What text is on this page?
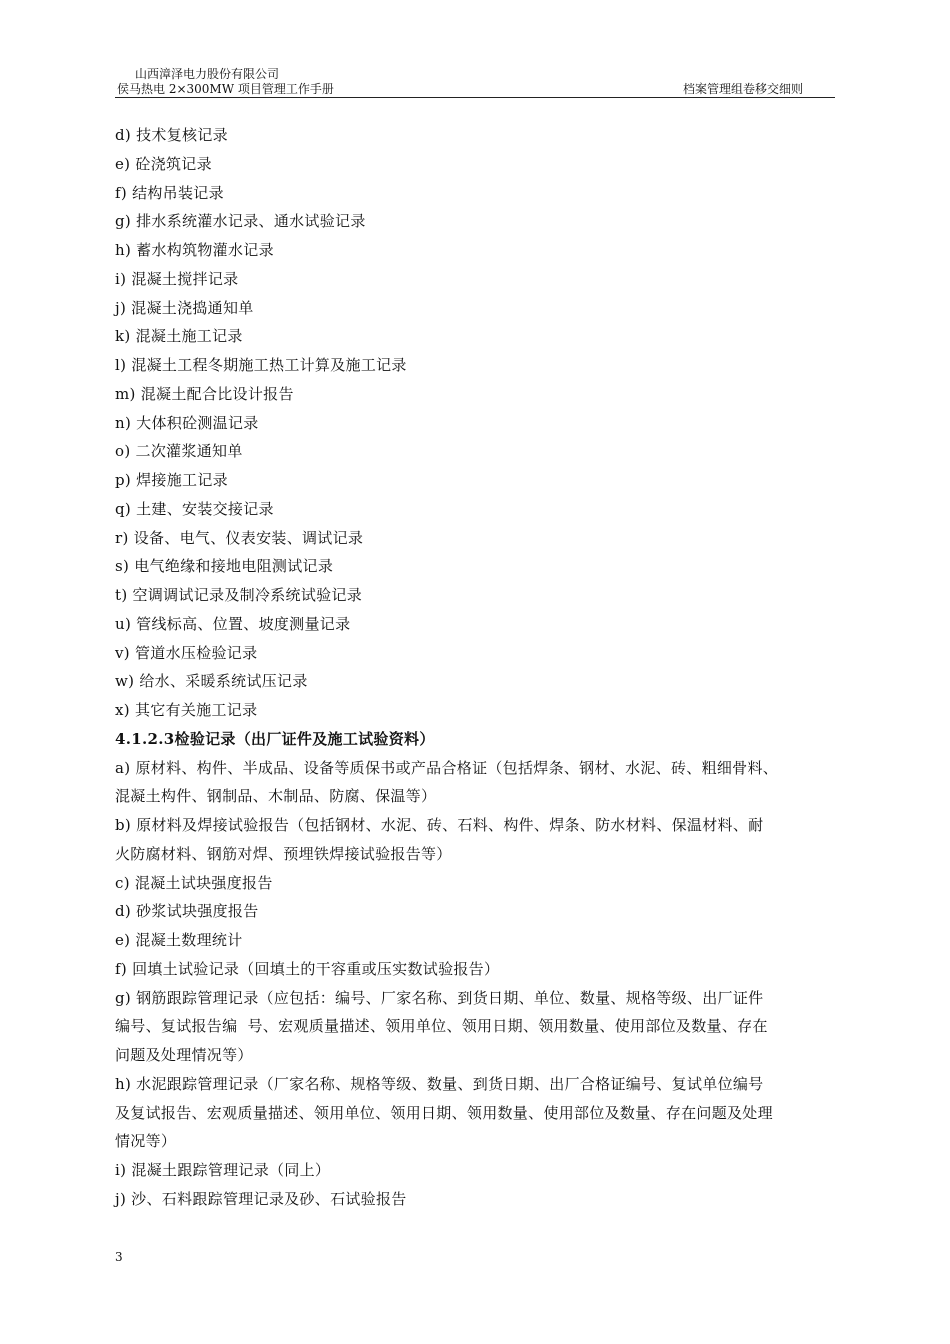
山西漳泽电力股份有限公司
侯马热电 2×300MW 项目管理工作手册	档案管理组卷移交细则
d) 技术复核记录
e) 砼浇筑记录
f) 结构吊装记录
g) 排水系统灌水记录、通水试验记录
h) 蓄水构筑物灌水记录
i) 混凝土搅拌记录
j) 混凝土浇捣通知单
k) 混凝土施工记录
l) 混凝土工程冬期施工热工计算及施工记录
m) 混凝土配合比设计报告
n) 大体积砼测温记录
o) 二次灌浆通知单
p) 焊接施工记录
q) 土建、安装交接记录
r) 设备、电气、仪表安装、调试记录
s) 电气绝缘和接地电阻测试记录
t) 空调调试记录及制冷系统试验记录
u) 管线标高、位置、坡度测量记录
v) 管道水压检验记录
w) 给水、采暖系统试压记录
x) 其它有关施工记录
4.1.2.3检验记录（出厂证件及施工试验资料）
a) 原材料、构件、半成品、设备等质保书或产品合格证（包括焊条、钢材、水泥、砖、粗细骨料、
混凝土构件、钢制品、木制品、防腐、保温等）
b) 原材料及焊接试验报告（包括钢材、水泥、砖、石料、构件、焊条、防水材料、保温材料、耐
火防腐材料、钢筋对焊、预埋铁焊接试验报告等）
c) 混凝土试块强度报告
d) 砂浆试块强度报告
e) 混凝土数理统计
f) 回填土试验记录（回填土的干容重或压实数试验报告）
g) 钢筋跟踪管理记录（应包括：编号、厂家名称、到货日期、单位、数量、规格等级、出厂证件
编号、复试报告编  号、宏观质量描述、领用单位、领用日期、领用数量、使用部位及数量、存在
问题及处理情况等）
h) 水泥跟踪管理记录（厂家名称、规格等级、数量、到货日期、出厂合格证编号、复试单位编号
及复试报告、宏观质量描述、领用单位、领用日期、领用数量、使用部位及数量、存在问题及处理
情况等）
i) 混凝土跟踪管理记录（同上）
j) 沙、石料跟踪管理记录及砂、石试验报告
3
